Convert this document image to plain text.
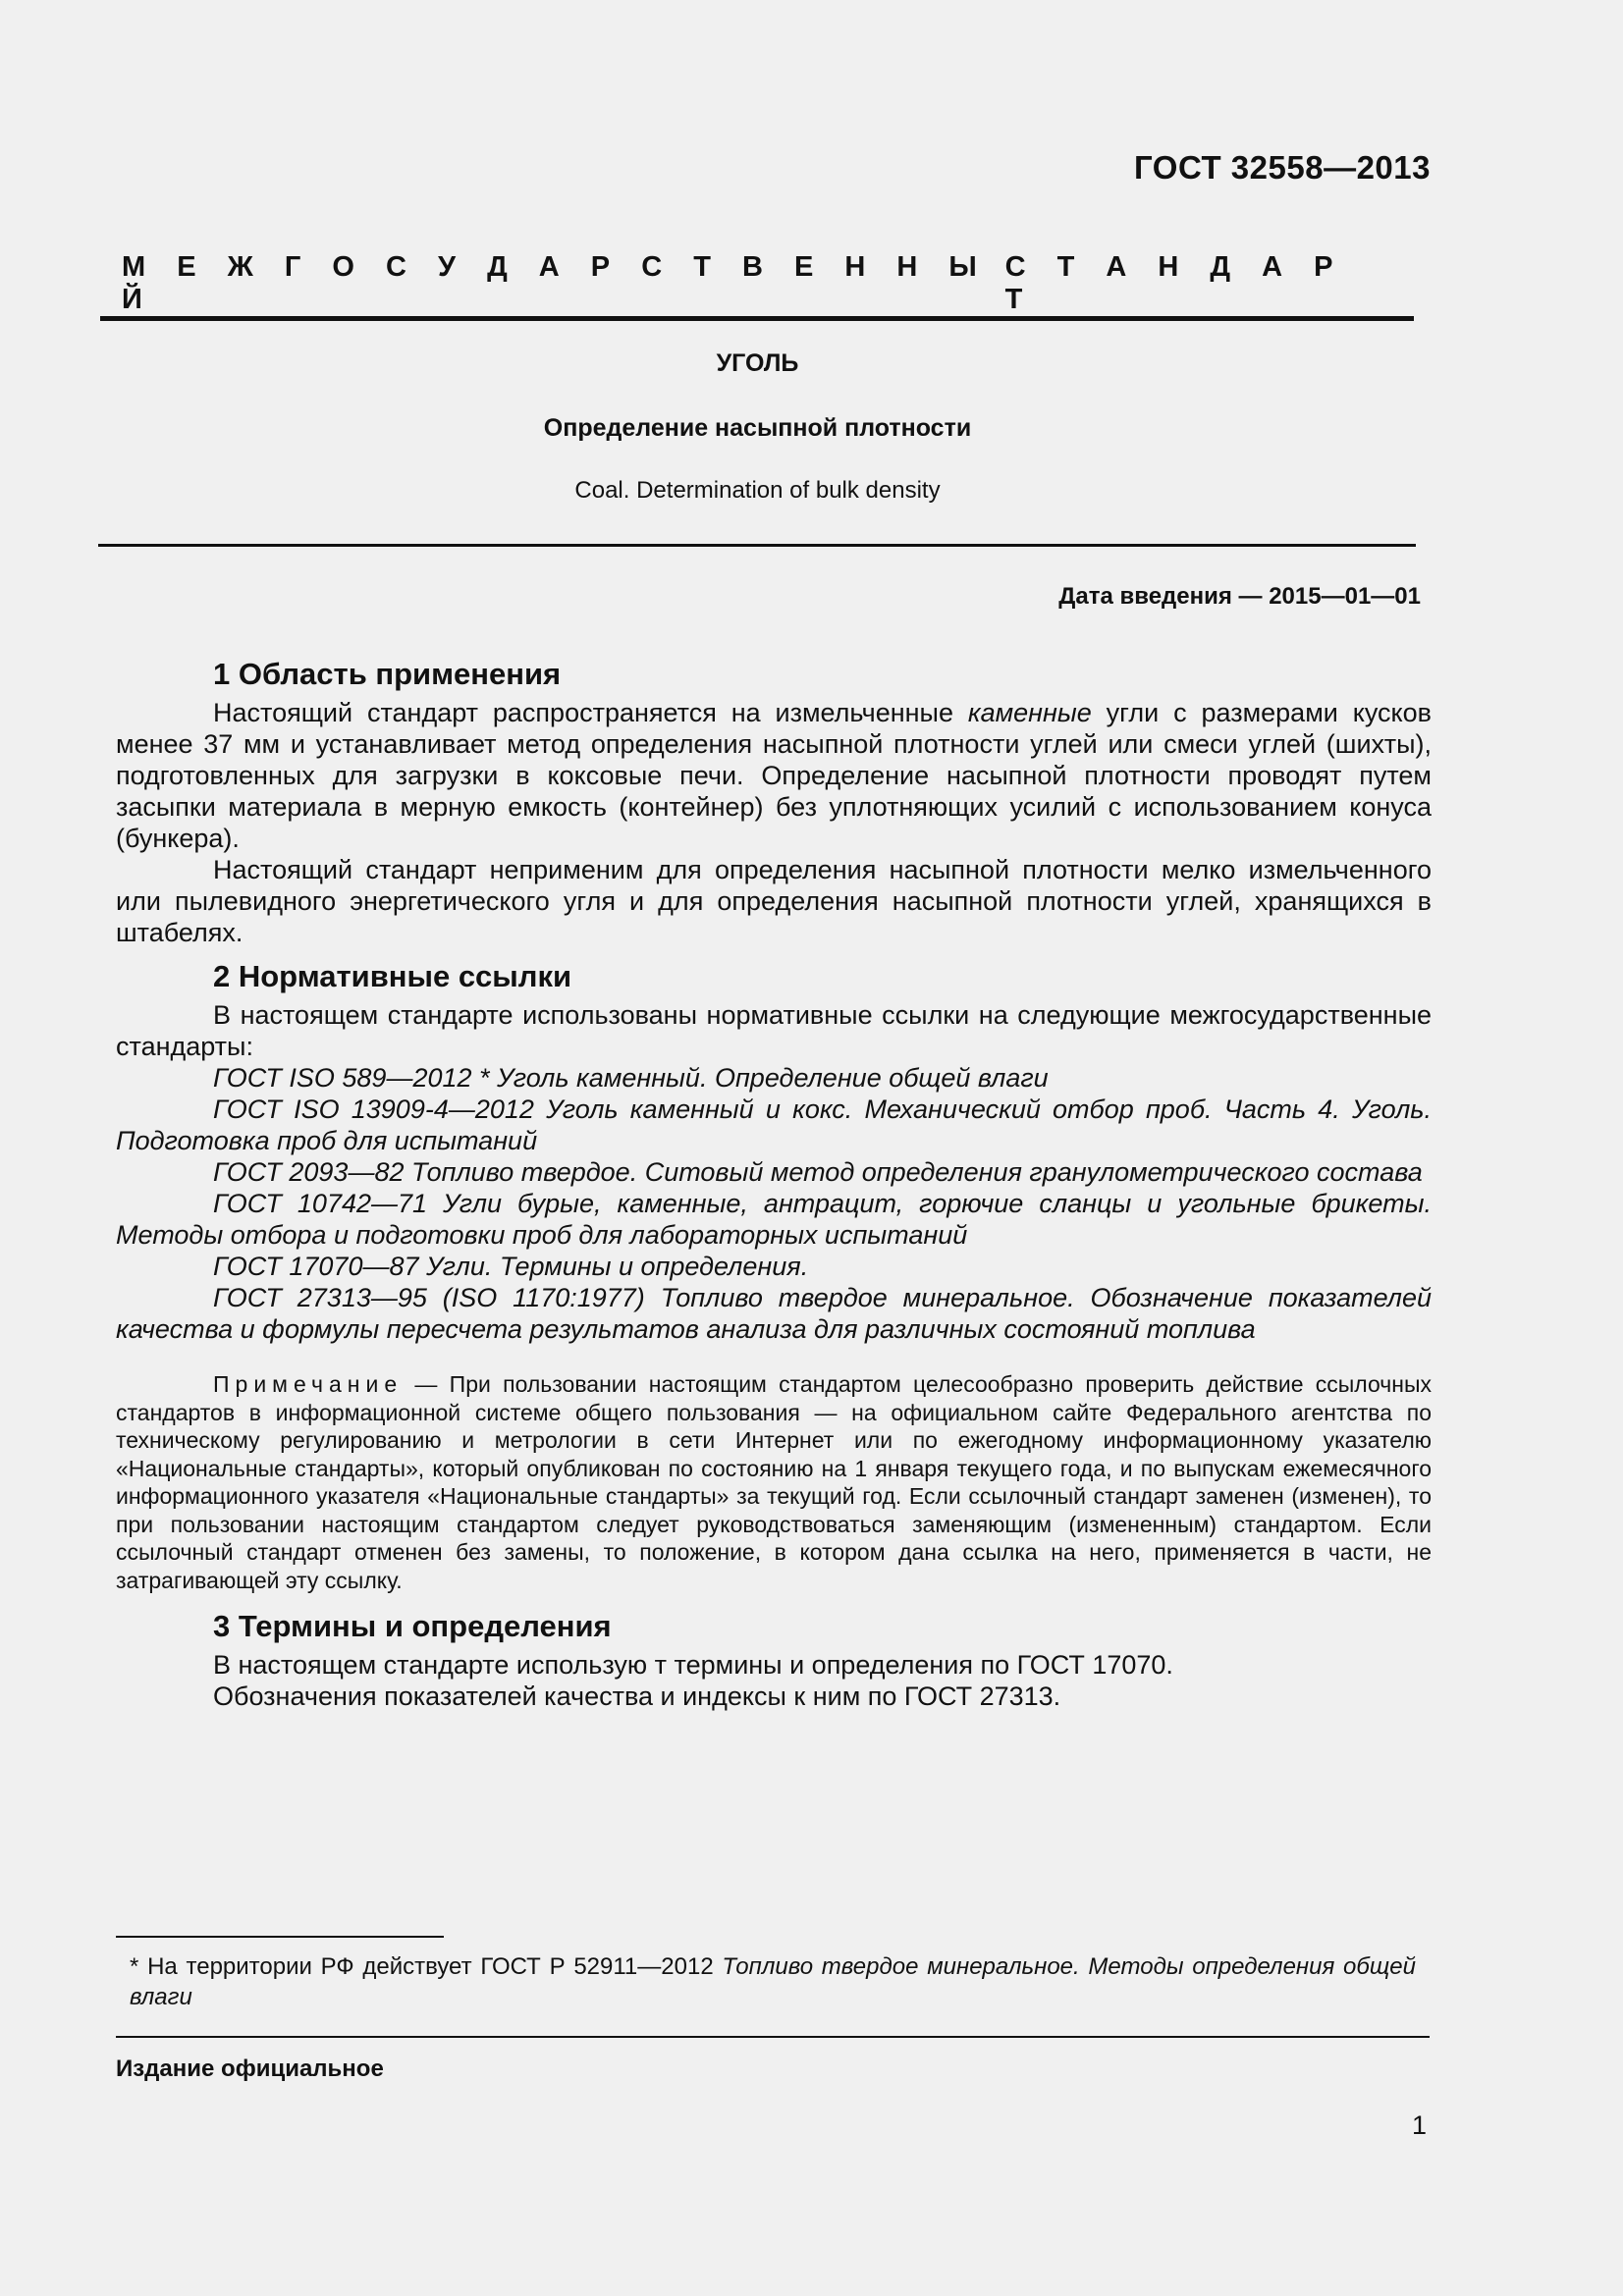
ГОСТ 32558—2013
М Е Ж Г О С У Д А Р С Т В Е Н Н Ы Й
С Т А Н Д А Р Т
УГОЛЬ
Определение насыпной плотности
Coal. Determination of bulk density
Дата введения — 2015—01—01
1 Область применения

Настоящий стандарт распространяется на измельченные каменные угли с размерами кусков менее 37 мм и устанавливает метод определения насыпной плотности углей или смеси углей (шихты), подготовленных для загрузки в коксовые печи. Определение насыпной плотности проводят путем засыпки материала в мерную емкость (контейнер) без уплотняющих усилий с использованием конуса (бункера).

Настоящий стандарт неприменим для определения насыпной плотности мелко измельченного или пылевидного энергетического угля и для определения насыпной плотности углей, хранящихся в штабелях.

2 Нормативные ссылки

В настоящем стандарте использованы нормативные ссылки на следующие межгосударственные стандарты:

ГОСТ ISO 589—2012 * Уголь каменный. Определение общей влаги

ГОСТ ISO 13909-4—2012 Уголь каменный и кокс. Механический отбор проб. Часть 4. Уголь. Подготовка проб для испытаний

ГОСТ 2093—82 Топливо твердое. Ситовый метод определения гранулометрического состава

ГОСТ 10742—71 Угли бурые, каменные, антрацит, горючие сланцы и угольные брикеты. Методы отбора и подготовки проб для лабораторных испытаний

ГОСТ 17070—87 Угли. Термины и определения.

ГОСТ 27313—95 (ISO 1170:1977) Топливо твердое минеральное. Обозначение показателей качества и формулы пересчета результатов анализа для различных состояний топлива

Примечание — При пользовании настоящим стандартом целесообразно проверить действие ссылочных стандартов в информационной системе общего пользования — на официальном сайте Федерального агентства по техническому регулированию и метрологии в сети Интернет или по ежегодному информационному указателю «Национальные стандарты», который опубликован по состоянию на 1 января текущего года, и по выпускам ежемесячного информационного указателя «Национальные стандарты» за текущий год. Если ссылочный стандарт заменен (изменен), то при пользовании настоящим стандартом следует руководствоваться заменяющим (измененным) стандартом. Если ссылочный стандарт отменен без замены, то положение, в котором дана ссылка на него, применяется в части, не затрагивающей эту ссылку.
3 Термины и определения

В настоящем стандарте использую т термины и определения по ГОСТ 17070.

Обозначения показателей качества и индексы к ним по ГОСТ 27313.

* На территории РФ действует ГОСТ Р 52911—2012 Топливо твердое минеральное. Методы определения общей влаги
Издание официальное
1
